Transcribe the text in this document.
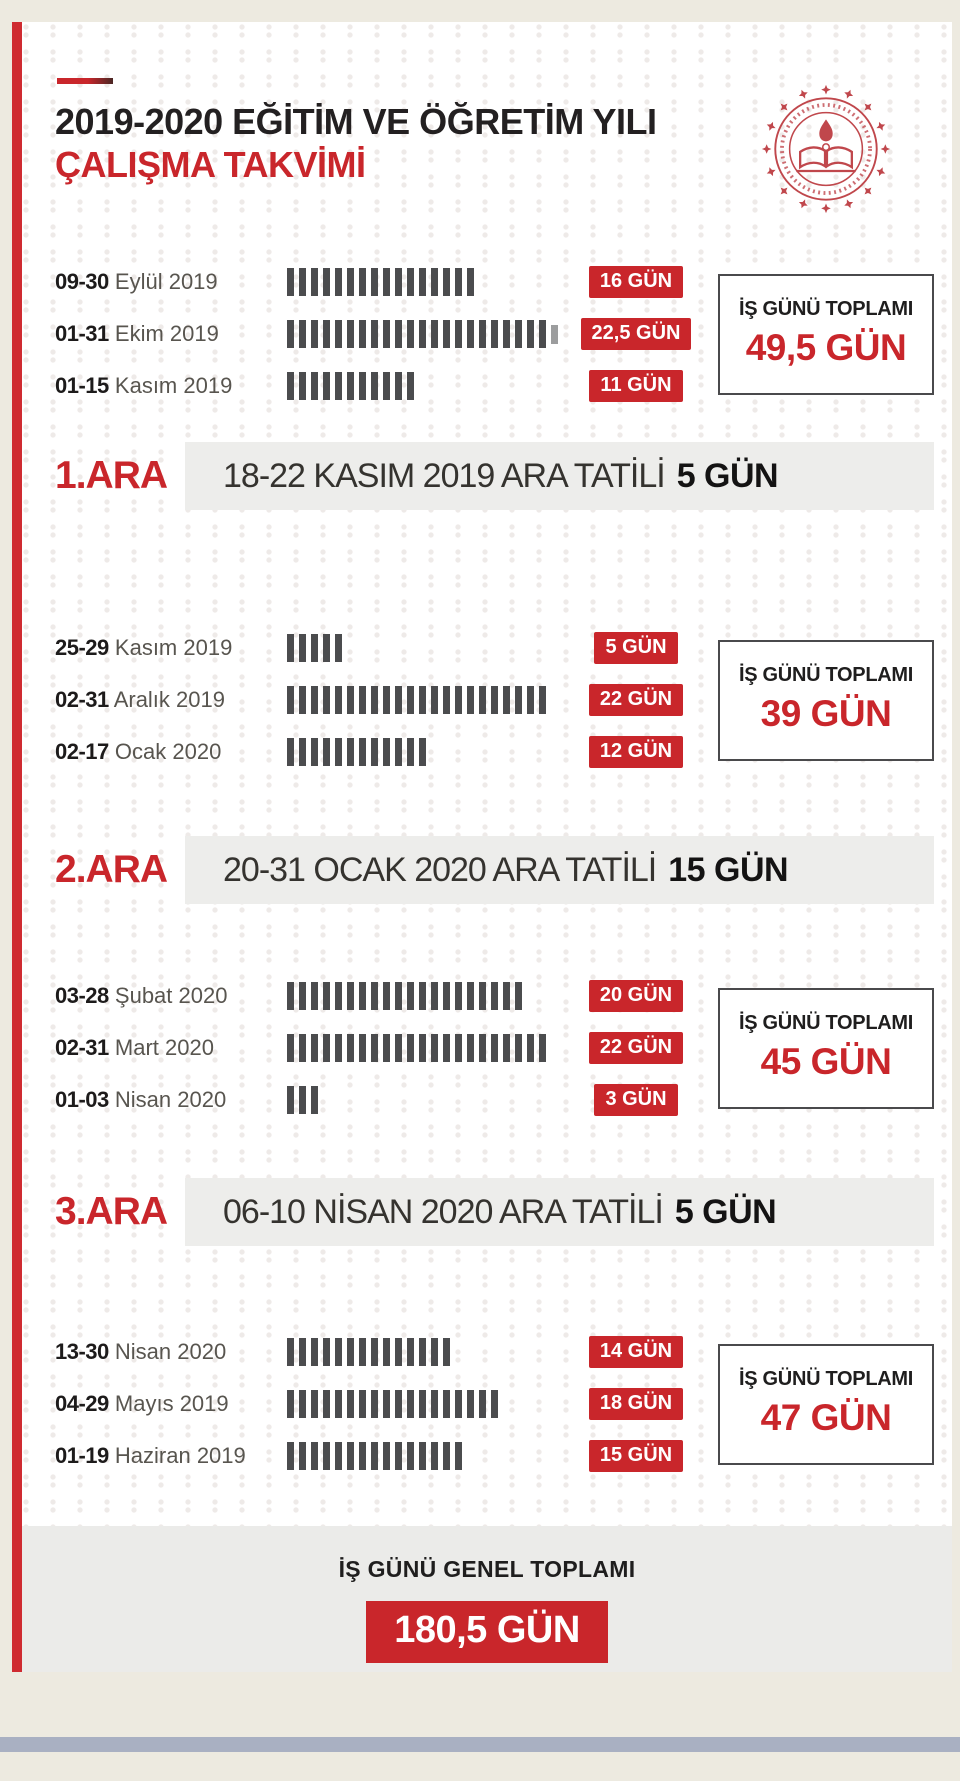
2019-2020 EĞİTİM VE ÖĞRETİM YILI
ÇALIŞMA TAKVİMİ
09-30 Eylül 2019	16 GÜN
01-31 Ekim 2019	22,5 GÜN
01-15 Kasım 2019	11 GÜN
İŞ GÜNÜ TOPLAMI
49,5 GÜN
1.ARA	18-22 KASIM 2019 ARA TATİLİ 5 GÜN
25-29 Kasım 2019	5 GÜN
02-31 Aralık 2019	22 GÜN
02-17 Ocak 2020	12 GÜN
İŞ GÜNÜ TOPLAMI
39 GÜN
2.ARA	20-31 OCAK 2020 ARA TATİLİ 15 GÜN
03-28 Şubat 2020	20 GÜN
02-31 Mart 2020	22 GÜN
01-03 Nisan 2020	3 GÜN
İŞ GÜNÜ TOPLAMI
45 GÜN
3.ARA	06-10 NİSAN 2020 ARA TATİLİ 5 GÜN
13-30 Nisan 2020	14 GÜN
04-29 Mayıs 2019	18 GÜN
01-19 Haziran 2019	15 GÜN
İŞ GÜNÜ TOPLAMI
47 GÜN
İŞ GÜNÜ GENEL TOPLAMI
180,5 GÜN
